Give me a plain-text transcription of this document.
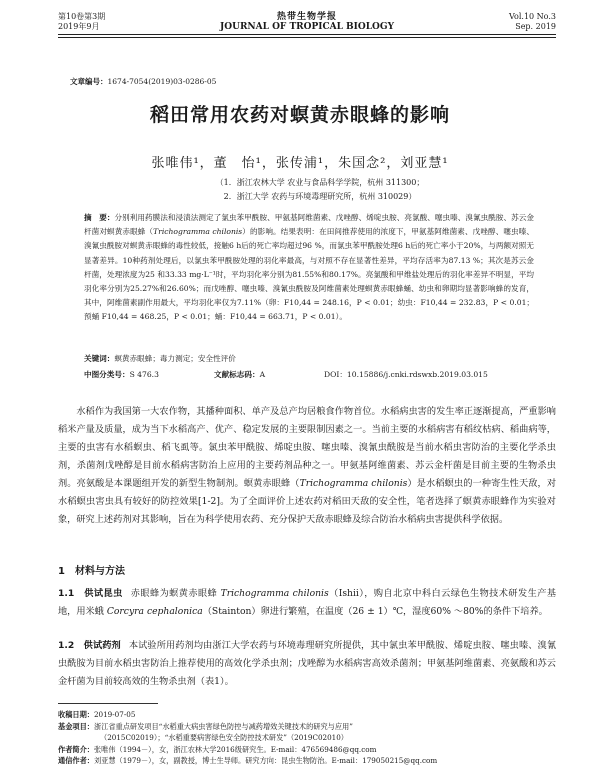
第10卷第3期
2019年9月
热带生物学报
JOURNAL OF TROPICAL BIOLOGY
Vol.10 No.3
Sep. 2019
文章编号：1674-7054(2019)03-0286-05
稻田常用农药对螟黄赤眼蜂的影响
张唯伟¹，董　怡¹，张传浦¹，朱国念²，刘亚慧¹
（1．浙江农林大学 农业与食品科学学院，杭州 311300；
2．浙江大学 农药与环境毒理研究所，杭州 310029）
摘　要：分别利用药膜法和浸渍法测定了氯虫苯甲酰胺、甲氨基阿维菌素、戊唑醇、烯啶虫胺、亮氯酸、噻虫嗪、溴氰虫酰胺、苏云金杆菌对螟黄赤眼蜂（Trichogramma chilonis）的影响。结果表明：在田间推荐使用的浓度下，甲氨基阿维菌素、戊唑醇、噻虫嗪、溴氰虫酰胺对螟黄赤眼蜂的毒性较低，接触6 h后的死亡率均超过96 %，而氯虫苯甲酰胺处理6 h后的死亡率小于20%，与两额对照无显著差异。10种药剂处理后，以氯虫苯甲酰胺处理的羽化率最高，与对照不存在显著性差异，平均存活率为87.13 %；其次是苏云金杆菌，处理浓度为25 和33.33 mg·L⁻¹时，平均羽化率分别为81.55%和80.17%。亮氯酸和甲维盐处理后的羽化率差异不明显，平均羽化率分别为25.27%和26.60%；而戊唑醇、噻虫嗪、溴氰虫酰胺及阿维菌素处理螟黄赤眼蜂蛹、幼虫和卵期均显著影响蜂的发育，其中，阿维菌素副作用最大，平均羽化率仅为7.11%（卵：F10,44 = 248.16，P < 0.01；幼虫：F10,44 = 232.83，P < 0.01；预蛹 F10,44 = 468.25，P < 0.01；蛹：F10,44 = 663.71，P < 0.01）。
关键词：螟黄赤眼蜂；毒力测定；安全性评价
中图分类号：S 476.3	文献标志码：A	DOI：10.15886/j.cnki.rdswxb.2019.03.015
水稻作为我国第一大农作物，其播种面积、单产及总产均居粮食作物首位。水稻病虫害的发生率正逐渐提高，严重影响稻米产量及质量，成为当下水稻高产、优产、稳定发展的主要限制因素之一。当前主要的水稻病害有稻纹枯病、稻曲病等，主要的虫害有水稻螟虫、稻飞虱等。氯虫苯甲酰胺、烯啶虫胺、噻虫嗪、溴氰虫酰胺是当前水稻虫害防治的主要化学杀虫剂，杀菌剂戊唑醇是目前水稻病害防治上应用的主要药剂品种之一。甲氨基阿维菌素、苏云金杆菌是目前主要的生物杀虫剂。亮氨酸是本课题组开发的新型生物制剂。螟黄赤眼蜂（Trichogramma chilonis）是水稻螟虫的一种寄生性天敌，对水稻螟虫害虫具有较好的防控效果[1-2]。为了全面评价上述农药对稻田天敌的安全性，笔者选择了螟黄赤眼蜂作为实验对象，研究上述药剂对其影响，旨在为科学使用农药、充分保护天敌赤眼蜂及综合防治水稻病虫害提供科学依据。
1　材料与方法
1.1　供试昆虫 赤眼蜂为螟黄赤眼蜂 Trichogramma chilonis（Ishii），购自北京中科白云绿色生物技术研发生产基地，用米蛾 Corcyra cephalonica（Stainton）卵进行繁殖，在温度（26 ± 1）℃，湿度60% ～80%的条件下培养。
1.2　供试药剂 本试验所用药剂均由浙江大学农药与环境毒理研究所提供，其中氯虫苯甲酰胺、烯啶虫胺、噻虫嗪、溴氰虫酰胺为目前水稻虫害防治上推荐使用的高效化学杀虫剂；戊唑醇为水稻病害高效杀菌剂；甲氨基阿维菌素、亮氨酸和苏云金杆菌为目前较高效的生物杀虫剂（表1）。
收稿日期：2019-07-05
基金项目：浙江省重点研发项目“水稻重大病虫害绿色防控与减药增效关键技术的研究与应用”
（2015C02019）；“水稻重要病害绿色安全防控技术研发”（2019C02010）
作者简介：张唯伟（1994－），女，浙江农林大学2016级研究生。E-mail：476569486@qq.com
通信作者：刘亚慧（1979－），女，副教授，博士生导师。研究方向：昆虫生物防治。E-mail：179050215@qq.com
